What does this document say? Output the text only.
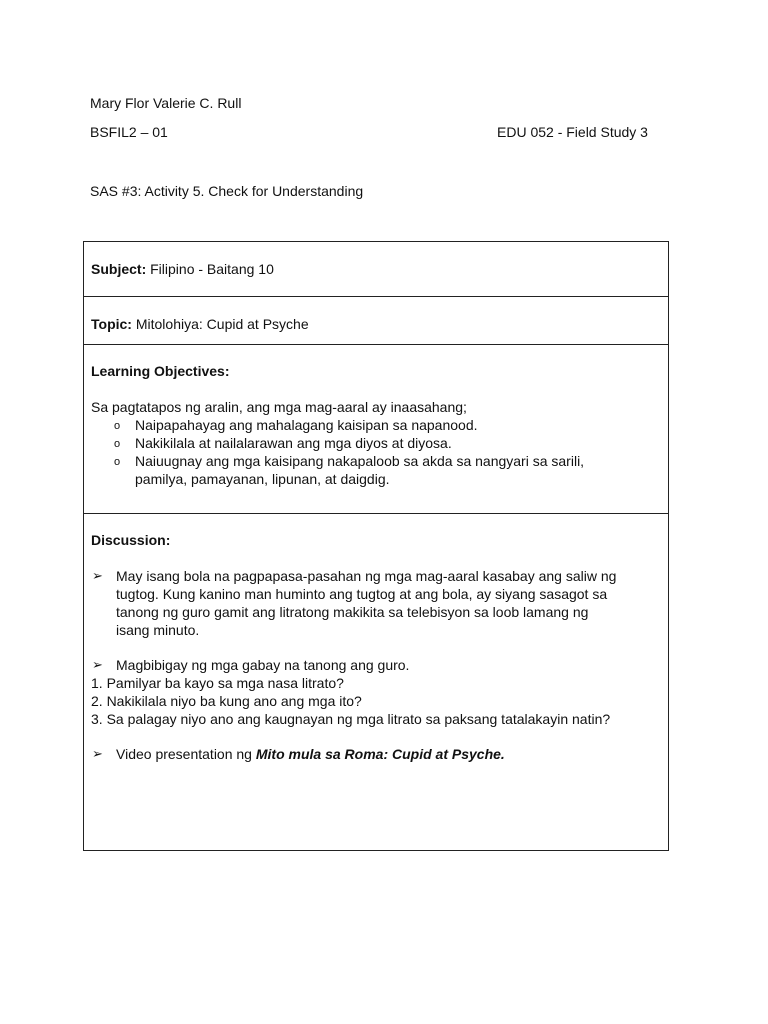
Mary Flor Valerie C. Rull
BSFIL2 – 01	EDU 052 - Field Study 3
SAS #3: Activity 5. Check for Understanding
Subject: Filipino - Baitang 10
Topic: Mitolohiya: Cupid at Psyche
Learning Objectives:
Sa pagtatapos ng aralin, ang mga mag-aaral ay inaasahang;
o Naipapahayag ang mahalagang kaisipan sa napanood.
o Nakikilala at nailalarawan ang mga diyos at diyosa.
o Naiuugnay ang mga kaisipang nakapaloob sa akda sa nangyari sa sarili,
pamilya, pamayanan, lipunan, at daigdig.
Discussion:
➢ May isang bola na pagpapasa-pasahan ng mga mag-aaral kasabay ang saliw ng
tugtog. Kung kanino man huminto ang tugtog at ang bola, ay siyang sasagot sa
tanong ng guro gamit ang litratong makikita sa telebisyon sa loob lamang ng
isang minuto.
➢ Magbibigay ng mga gabay na tanong ang guro.
1. Pamilyar ba kayo sa mga nasa litrato?
2. Nakikilala niyo ba kung ano ang mga ito?
3. Sa palagay niyo ano ang kaugnayan ng mga litrato sa paksang tatalakayin natin?
➢ Video presentation ng Mito mula sa Roma: Cupid at Psyche.
